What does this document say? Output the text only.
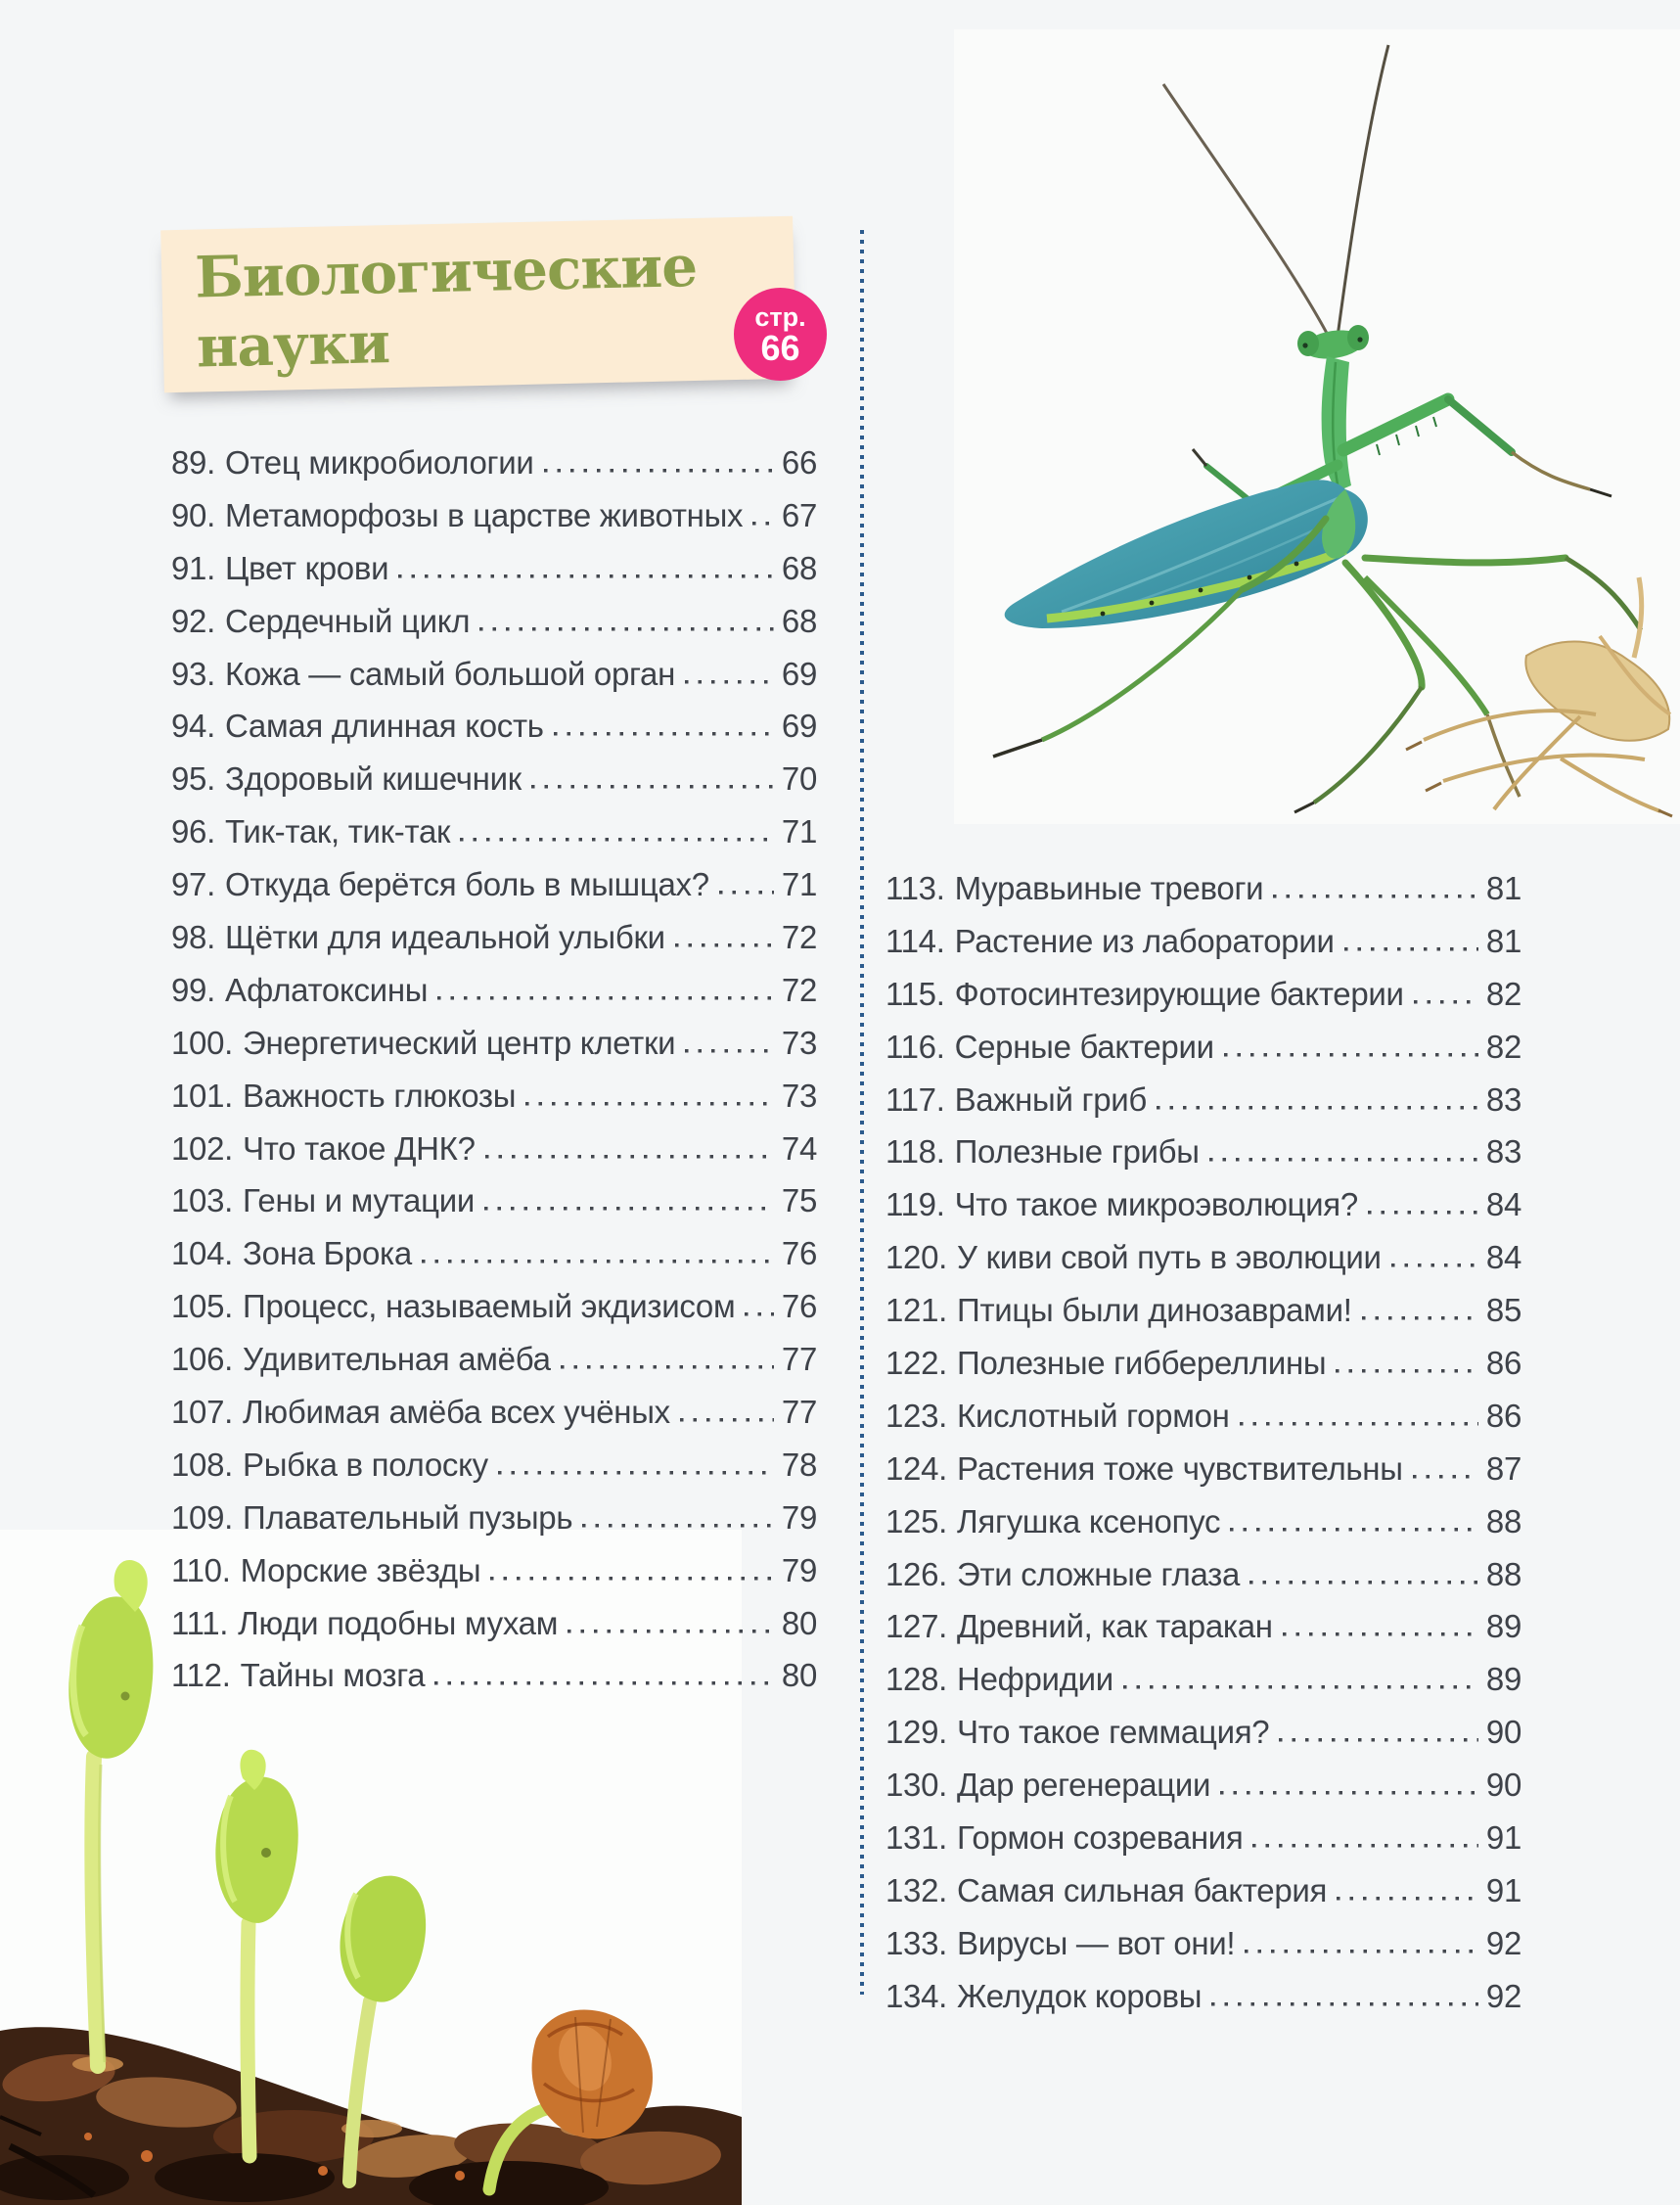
Биологические
науки	стр.
66
89. Отец микробиологии	66
90. Метаморфозы в царстве животных 67
91. Цвет крови	68
92. Сердечный цикл	68
93. Кожа — самый большой орган	69
94. Самая длинная кость	69
95. Здоровый кишечник	70
96. Тик-так, тик-так	71
97. Откуда берётся боль в мышцах? 71
98. Щётки для идеальной улыбки	72
99. Афлатоксины	72
100. Энергетический центр клетки	73
101. Важность глюкозы	73
102. Что такое ДНК?	74
103. Гены и мутации	75
104. Зона Брока	76
105. Процесс, называемый экдизисом 76
106. Удивительная амёба	77
107. Любимая амёба всех учёных	77
108. Рыбка в полоску	78
109. Плавательный пузырь	79
110. Морские звёзды	79
111. Люди подобны мухам	80
112. Тайны мозга	80
113. Муравьиные тревоги	81
114. Растение из лаборатории	81
115. Фотосинтезирующие бактерии	82
116. Серные бактерии	82
117. Важный гриб	83
118. Полезные грибы	83
119. Что такое микроэволюция?	84
120. У киви свой путь в эволюции	84
121. Птицы были динозаврами!	85
122. Полезные гиббереллины	86
123. Кислотный гормон	86
124. Растения тоже чувствительны	87
125. Лягушка ксенопус	88
126. Эти сложные глаза	88
127. Древний, как таракан	89
128. Нефридии	89
129. Что такое геммация?	90
130. Дар регенерации	90
131. Гормон созревания	91
132. Самая сильная бактерия	91
133. Вирусы — вот они!	92
134. Желудок коровы	92
